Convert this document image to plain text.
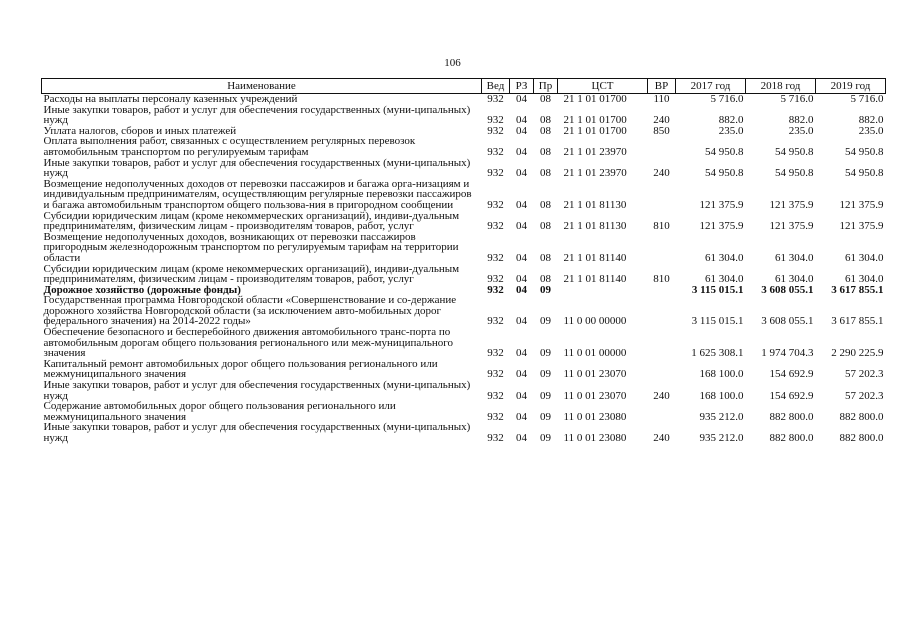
106
Наименование	Вед	РЗ	Пр	ЦСТ	ВР	2017 год	2018 год	2019 год
Расходы на выплаты персоналу казенных учреждений	932	04	08	21 1 01 01700	110	5 716.0	5 716.0	5 716.0
Иные закупки товаров, работ и услуг для обеспечения государственных (муни-ципальных) нужд	932	04	08	21 1 01 01700	240	882.0	882.0	882.0
Уплата налогов, сборов и иных платежей	932	04	08	21 1 01 01700	850	235.0	235.0	235.0
Оплата выполнения работ, связанных с осуществлением регулярных перевозок автомобильным транспортом по регулируемым тарифам	932	04	08	21 1 01 23970		54 950.8	54 950.8	54 950.8
Иные закупки товаров, работ и услуг для обеспечения государственных (муни-ципальных) нужд	932	04	08	21 1 01 23970	240	54 950.8	54 950.8	54 950.8
Возмещение недополученных доходов от перевозки пассажиров и багажа орга-низациям и индивидуальным предпринимателям, осуществляющим регулярные перевозки пассажиров и багажа автомобильным транспортом общего пользова-ния в пригородном сообщении	932	04	08	21 1 01 81130		121 375.9	121 375.9	121 375.9
Субсидии юридическим лицам (кроме некоммерческих организаций), индиви-дуальным предпринимателям, физическим лицам - производителям товаров, работ, услуг	932	04	08	21 1 01 81130	810	121 375.9	121 375.9	121 375.9
Возмещение недополученных доходов, возникающих от перевозки пассажиров пригородным железнодорожным транспортом по регулируемым тарифам на территории области	932	04	08	21 1 01 81140		61 304.0	61 304.0	61 304.0
Субсидии юридическим лицам (кроме некоммерческих организаций), индиви-дуальным предпринимателям, физическим лицам - производителям товаров, работ, услуг	932	04	08	21 1 01 81140	810	61 304.0	61 304.0	61 304.0
Дорожное хозяйство (дорожные фонды)	932	04	09			3 115 015.1	3 608 055.1	3 617 855.1
Государственная программа Новгородской области «Совершенствование и со-держание дорожного хозяйства Новгородской области (за исключением авто-мобильных дорог федерального значения) на 2014-2022 годы»	932	04	09	11 0 00 00000		3 115 015.1	3 608 055.1	3 617 855.1
Обеспечение безопасного и бесперебойного движения автомобильного транс-порта по автомобильным дорогам общего пользования регионального или меж-муниципального значения	932	04	09	11 0 01 00000		1 625 308.1	1 974 704.3	2 290 225.9
Капитальный ремонт автомобильных дорог общего пользования регионального или межмуниципального значения	932	04	09	11 0 01 23070		168 100.0	154 692.9	57 202.3
Иные закупки товаров, работ и услуг для обеспечения государственных (муни-ципальных) нужд	932	04	09	11 0 01 23070	240	168 100.0	154 692.9	57 202.3
Содержание автомобильных дорог общего пользования регионального или межмуниципального значения	932	04	09	11 0 01 23080		935 212.0	882 800.0	882 800.0
Иные закупки товаров, работ и услуг для обеспечения государственных (муни-ципальных) нужд	932	04	09	11 0 01 23080	240	935 212.0	882 800.0	882 800.0
